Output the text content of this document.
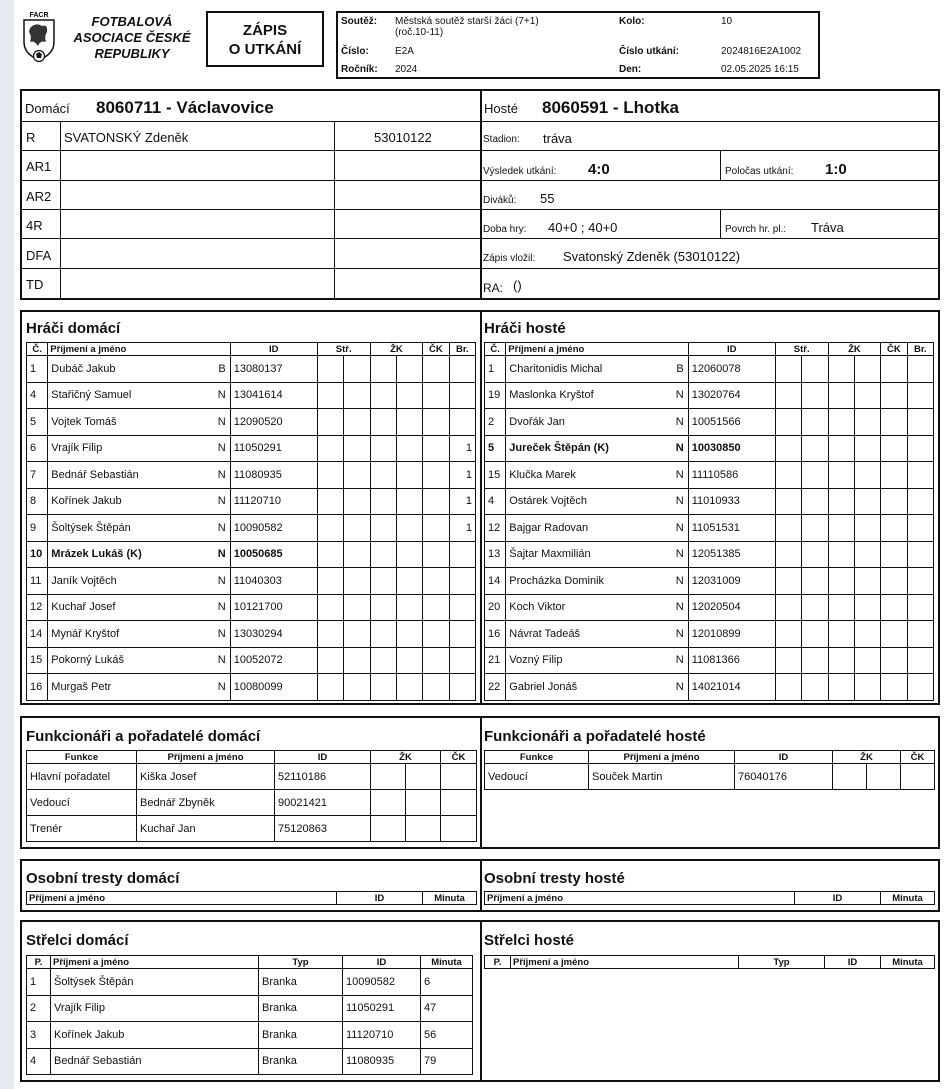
FACR	FOTBALOVÁ
ASOCIACE ČESKÉ
REPUBLIKY
ZÁPIS
O UTKÁNÍ
Soutěž: Městská soutěž starší žáci (7+1)
(roč.10-11)
Kolo:	10
Číslo:	E2A	Číslo utkání:	2024816E2A1002
Ročník: 2024	Den:	02.05.2025 16:15
Domácí 8060711 - Václavovice	Hosté 8060591 - Lhotka
R SVATONSKÝ Zdeněk	53010122
AR1
AR2
4R
DFA
TD
Stadion: tráva
Výsledek utkání: 4:0	Poločas utkání: 1:0
Diváků: 55
Doba hry: 40+0 ; 40+0	Povrch hr. pl.: Tráva
Zápis vložil: Svatonský Zdeněk (53010122)
RA: ()
Hráči domácí	Hráči hosté
Č.	Příjmení a jméno	ID	Stř.		ŽK		ČK	Br.
1	Dubáč Jakub B	13080137						
4	Stařičný Samuel N	13041614						
5	Vojtek Tomáš N	12090520						
6	Vrajík Filip N	11050291						1
7	Bednář Sebastián N	11080935						1
8	Kořínek Jakub N	11120710						1
9	Šoltýsek Štěpán N	10090582						1
10	Mrázek Lukáš (K) N	10050685						
11	Janík Vojtěch N	11040303						
12	Kuchař Josef N	10121700						
14	Mynář Kryštof N	13030294						
15	Pokorný Lukáš N	10052072						
16	Murgaš Petr N	10080099						
Č.	Příjmení a jméno	ID	Stř.		ŽK		ČK	Br.
1	Charitonidis Michal B	12060078						
19	Maslonka Kryštof N	13020764						
2	Dvořák Jan N	10051566						
5	Jureček Štěpán (K) N	10030850						
15	Klučka Marek N	11110586						
4	Ostárek Vojtěch N	11010933						
12	Bajgar Radovan N	11051531						
13	Šajtar Maxmilián N	12051385						
14	Procházka Dominik N	12031009						
20	Koch Viktor N	12020504						
16	Návrat Tadeáš N	12010899						
21	Vozný Filip N	11081366						
22	Gabriel Jonáš N	14021014						
Funkcionáři a pořadatelé domácí	Funkcionáři a pořadatelé hosté
Funkce	Příjmení a jméno	ID	ŽK		ČK
Hlavní pořadatel	Kiška Josef	52110186			
Vedoucí	Bednář Zbyněk	90021421			
Trenér	Kuchař Jan	75120863			
Funkce	Příjmení a jméno	ID	ŽK		ČK
Vedoucí	Souček Martin	76040176			
Osobní tresty domácí	Osobní tresty hosté
Příjmení a jméno	ID	Minuta Příjmení a jméno	ID	Minuta
Střelci domácí	Střelci hosté
P.	Příjmení a jméno	Typ	ID	Minuta
1	Šoltýsek Štěpán	Branka	10090582	6
2	Vrajík Filip	Branka	11050291	47
3	Kořínek Jakub	Branka	11120710	56
4	Bednář Sebastián	Branka	11080935	79
P.	Příjmení a jméno	Typ	ID	Minuta
